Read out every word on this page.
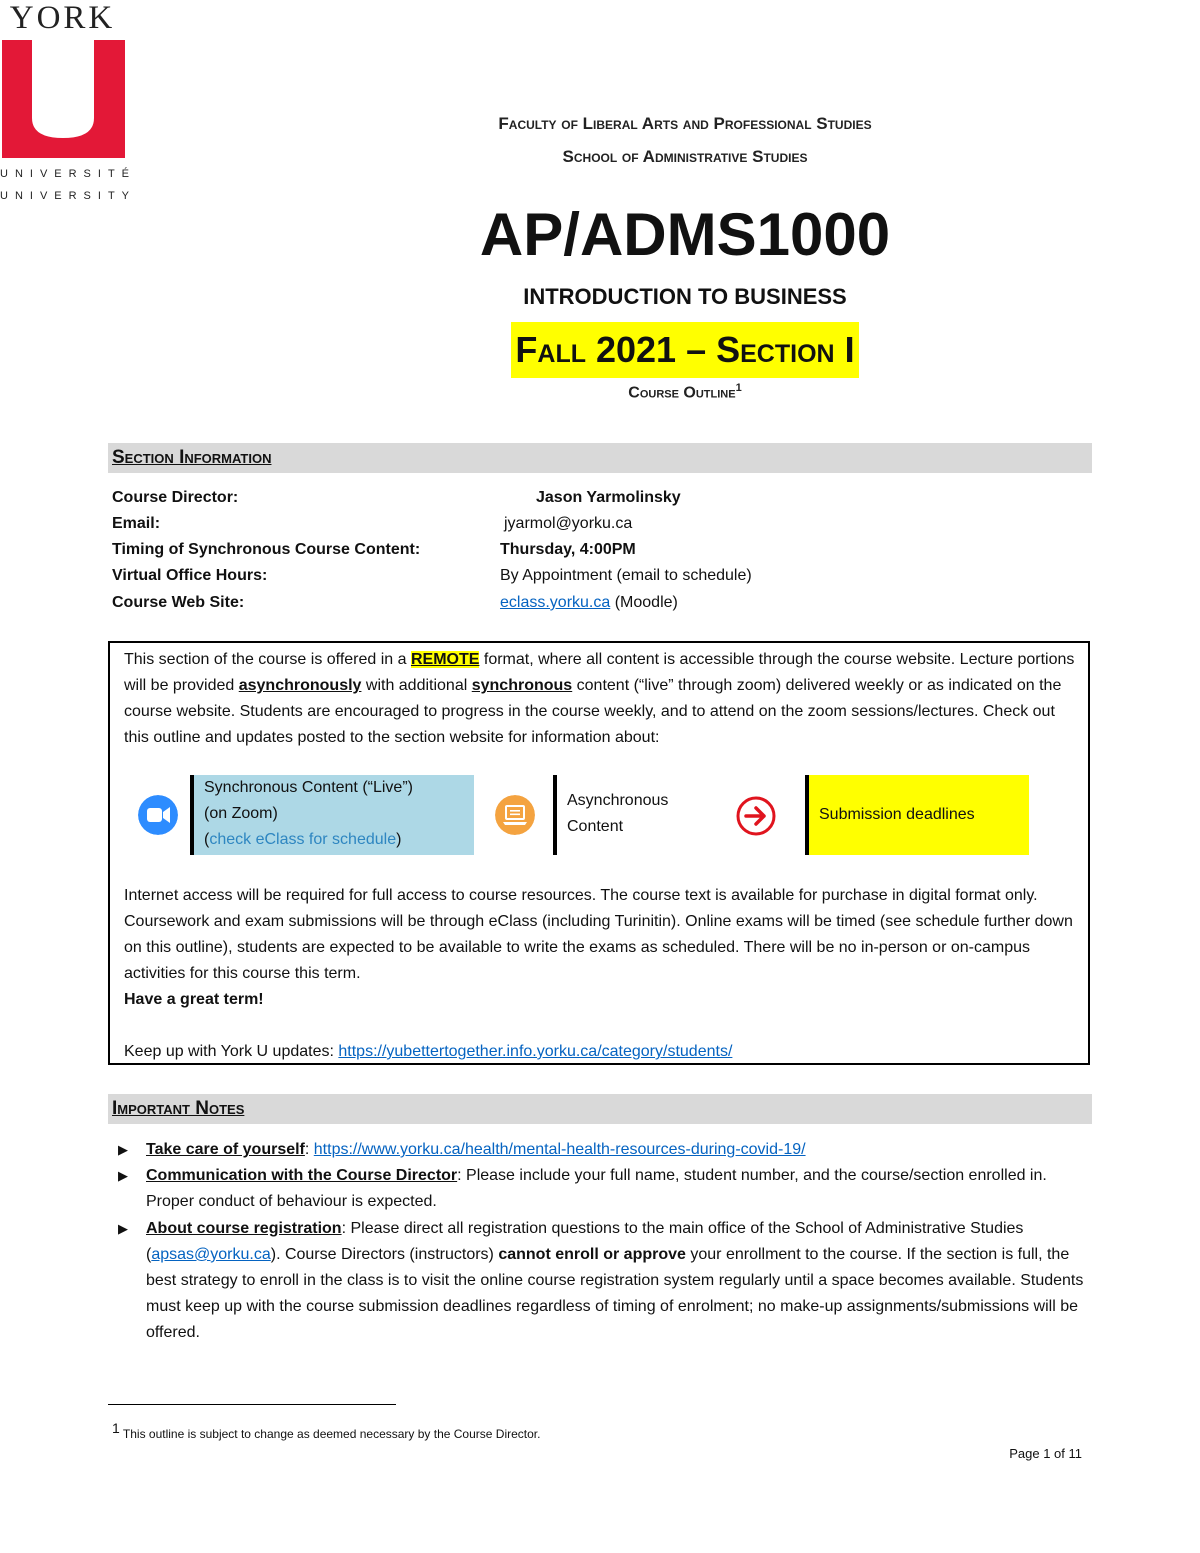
YORK
UNIVERSITÉ
UNIVERSITY
Faculty of Liberal Arts and Professional Studies
School of Administrative Studies
AP/ADMS1000
INTRODUCTION TO BUSINESS
Fall 2021 – Section I
Course Outline$^1$
Section Information
Course Director:	Jason Yarmolinsky
Email:	jyarmol@yorku.ca
Timing of Synchronous Course Content:	Thursday, 4:00PM
Virtual Office Hours:	By Appointment (email to schedule)
Course Web Site:	eclass.yorku.ca (Moodle)
This section of the course is offered in a REMOTE format, where all content is accessible through the course website. Lecture portions will be provided asynchronously with additional synchronous content (“live” through zoom) delivered weekly or as indicated on the course website. Students are encouraged to progress in the course weekly, and to attend on the zoom sessions/lectures. Check out this outline and updates posted to the section website for information about:
Synchronous Content (“Live”)
(on Zoom)
(check eClass for schedule)
Asynchronous
Content
Submission deadlines
Internet access will be required for full access to course resources. The course text is available for purchase in digital format only. Coursework and exam submissions will be through eClass (including Turinitin). Online exams will be timed (see schedule further down on this outline), students are expected to be available to write the exams as scheduled. There will be no in-person or on-campus activities for this course this term.
Have a great term!
Keep up with York U updates: https://yubettertogether.info.yorku.ca/category/students/
Important Notes
▶ Take care of yourself: https://www.yorku.ca/health/mental-health-resources-during-covid-19/
▶ Communication with the Course Director: Please include your full name, student number, and the course/section enrolled in. Proper conduct of behaviour is expected.
▶ About course registration: Please direct all registration questions to the main office of the School of Administrative Studies (apsas@yorku.ca). Course Directors (instructors) cannot enroll or approve your enrollment to the course. If the section is full, the best strategy to enroll in the class is to visit the online course registration system regularly until a space becomes available. Students must keep up with the course submission deadlines regardless of timing of enrolment; no make-up assignments/submissions will be offered.
$^1$ This outline is subject to change as deemed necessary by the Course Director.
Page 1 of 11
